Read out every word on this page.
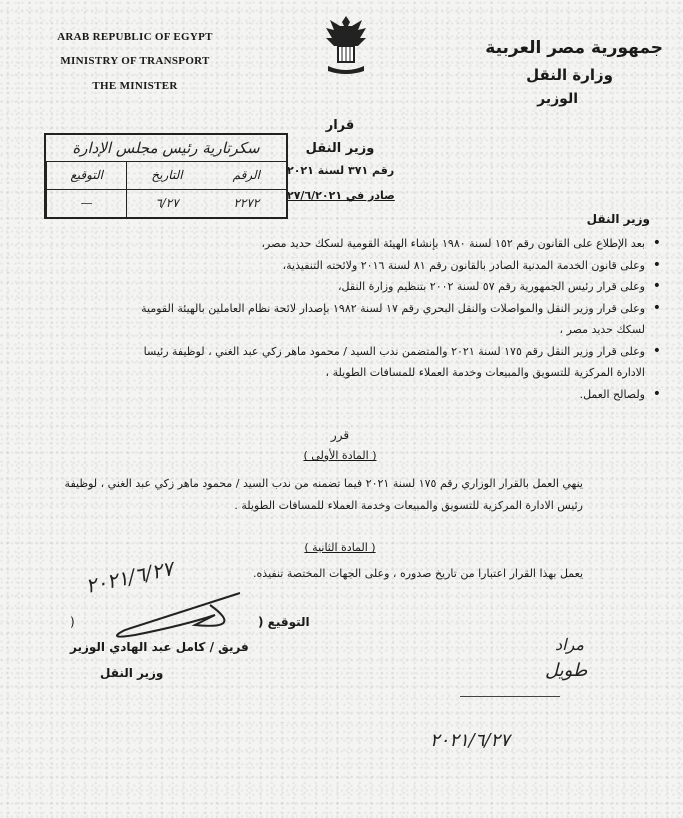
ARAB REPUBLIC OF EGYPT
MINISTRY OF TRANSPORT
THE MINISTER
جمهورية مصر العربية
وزارة النقل
الوزير
قرار
وزير النقل
رقم ٣٧١ لسنة ٢٠٢١
صادر في ٢٧/٦/٢٠٢١
سكرتارية رئيس مجلس الإدارة
الرقم
التاريخ
التوقيع
٢٢٧٢
٦/٢٧
—
وزير النقل
• بعد الإطلاع على القانون رقم ١٥٢ لسنة ١٩٨٠ بإنشاء الهيئة القومية لسكك حديد مصر،
• وعلى قانون الخدمة المدنية الصادر بالقانون رقم ٨١ لسنة ٢٠١٦ ولائحته التنفيذية،
• وعلى قرار رئيس الجمهورية رقم ٥٧ لسنة ٢٠٠٢ بتنظيم وزارة النقل،
• وعلى قرار وزير النقل والمواصلات والنقل البحري رقم ١٧ لسنة ١٩٨٢ بإصدار لائحة نظام العاملين بالهيئة القومية لسكك حديد مصر ،
• وعلى قرار وزير النقل رقم ١٧٥ لسنة ٢٠٢١ والمتضمن ندب السيد / محمود ماهر زكي عبد الغني ، لوظيفة رئيسا الادارة المركزية للتسويق والمبيعات وخدمة العملاء للمسافات الطويلة ،
• ولصالح العمل.
قرر
( المادة الأولى )
ينهي العمل بالقرار الوزاري رقم ١٧٥ لسنة ٢٠٢١ فيما تضمنه من ندب السيد / محمود ماهر زكي عبد الغني ، لوظيفة رئيس الادارة المركزية للتسويق والمبيعات وخدمة العملاء للمسافات الطويلة .
( المادة الثانية )
يعمل بهذا القرار اعتبارا من تاريخ صدوره ، وعلى الجهات المختصة تنفيذه.
٢٠٢١/٦/٢٧
التوقيع (
)
فريق / كامل عبد الهادي الوزير
وزير النقل
مراد
طويل
٢٠٢١/٦/٢٧
